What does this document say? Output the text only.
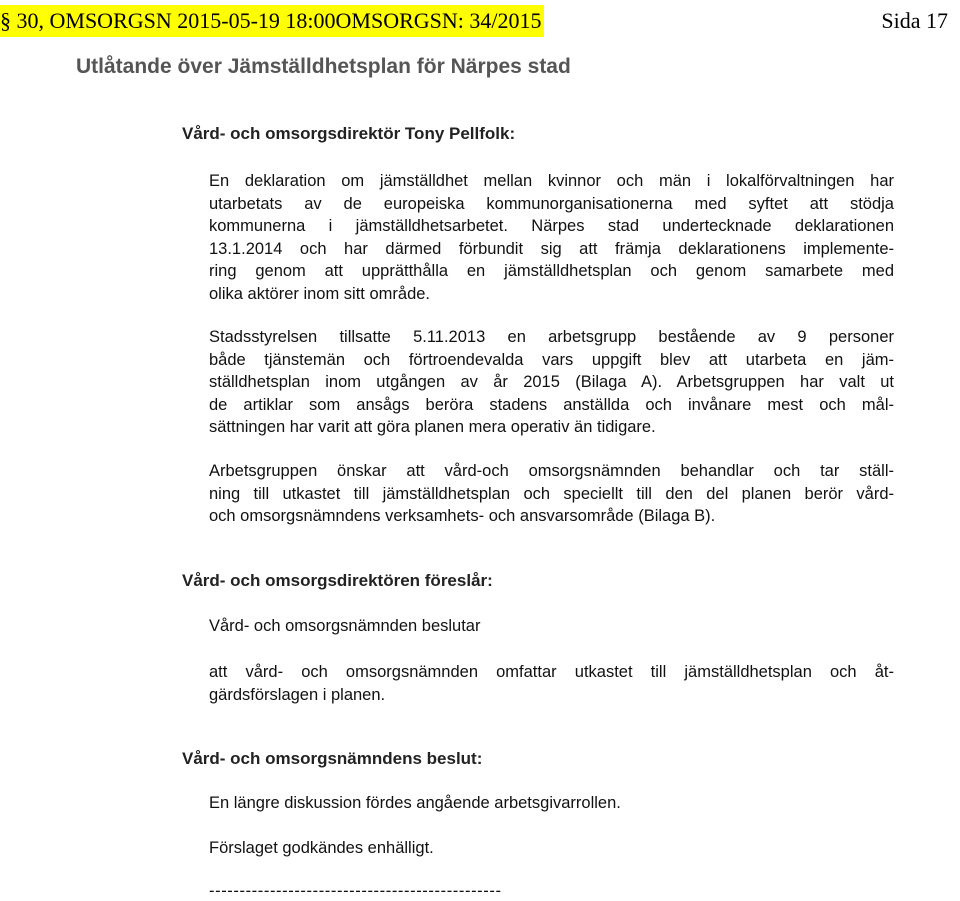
§ 30, OMSORGSN 2015-05-19 18:00OMSORGSN: 34/2015	Sida 17
Utlåtande över Jämställdhetsplan för Närpes stad
Vård- och omsorgsdirektör Tony Pellfolk:
En deklaration om jämställdhet mellan kvinnor och män i lokalförvaltningen har
utarbetats av de europeiska kommunorganisationerna med syftet att stödja
kommunerna i jämställdhetsarbetet. Närpes stad undertecknade deklarationen
13.1.2014 och har därmed förbundit sig att främja deklarationens implemente-
ring genom att upprätthålla en jämställdhetsplan och genom samarbete med
olika aktörer inom sitt område.
Stadsstyrelsen tillsatte 5.11.2013 en arbetsgrupp bestående av 9 personer
både tjänstemän och förtroendevalda vars uppgift blev att utarbeta en jäm-
ställdhetsplan inom utgången av år 2015 (Bilaga A). Arbetsgruppen har valt ut
de artiklar som ansågs beröra stadens anställda och invånare mest och mål-
sättningen har varit att göra planen mera operativ än tidigare.
Arbetsgruppen önskar att vård-och omsorgsnämnden behandlar och tar ställ-
ning till utkastet till jämställdhetsplan och speciellt till den del planen berör vård-
och omsorgsnämndens verksamhets- och ansvarsområde (Bilaga B).
Vård- och omsorgsdirektören föreslår:
Vård- och omsorgsnämnden beslutar
att vård- och omsorgsnämnden omfattar utkastet till jämställdhetsplan och åt-
gärdsförslagen i planen.
Vård- och omsorgsnämndens beslut:
En längre diskussion fördes angående arbetsgivarrollen.
Förslaget godkändes enhälligt.
------------------------------------------------
